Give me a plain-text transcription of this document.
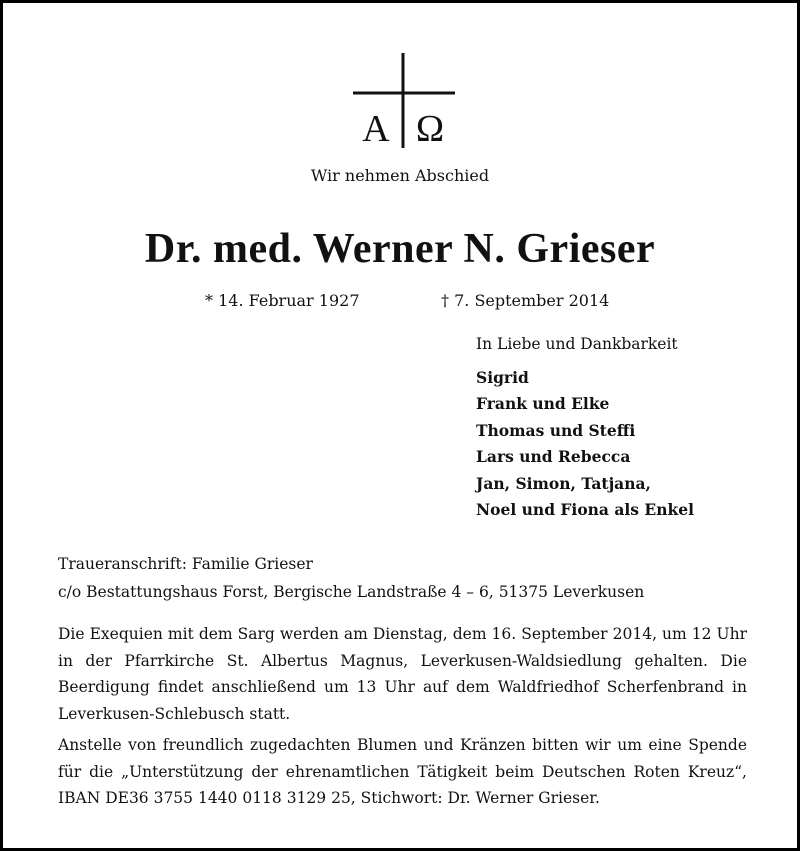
A Ω
Wir nehmen Abschied
Dr. med. Werner N. Grieser
* 14. Februar 1927	† 7. September 2014
In Liebe und Dankbarkeit
Sigrid
Frank und Elke
Thomas und Steffi
Lars und Rebecca
Jan, Simon, Tatjana,
Noel und Fiona als Enkel
Traueranschrift: Familie Grieser
c/o Bestattungshaus Forst, Bergische Landstraße 4 – 6, 51375 Leverkusen

Die Exequien mit dem Sarg werden am Dienstag, dem 16. September 2014, um 12 Uhr in der Pfarrkirche St. Albertus Magnus, Leverkusen-Waldsiedlung gehalten. Die Beerdigung findet anschließend um 13 Uhr auf dem Waldfriedhof Scherfenbrand in Leverkusen-Schlebusch statt.

Anstelle von freundlich zugedachten Blumen und Kränzen bitten wir um eine Spende für die „Unterstützung der ehrenamtlichen Tätigkeit beim Deutschen Roten Kreuz“, IBAN DE36 3755 1440 0118 3129 25, Stichwort: Dr. Werner Grieser.
